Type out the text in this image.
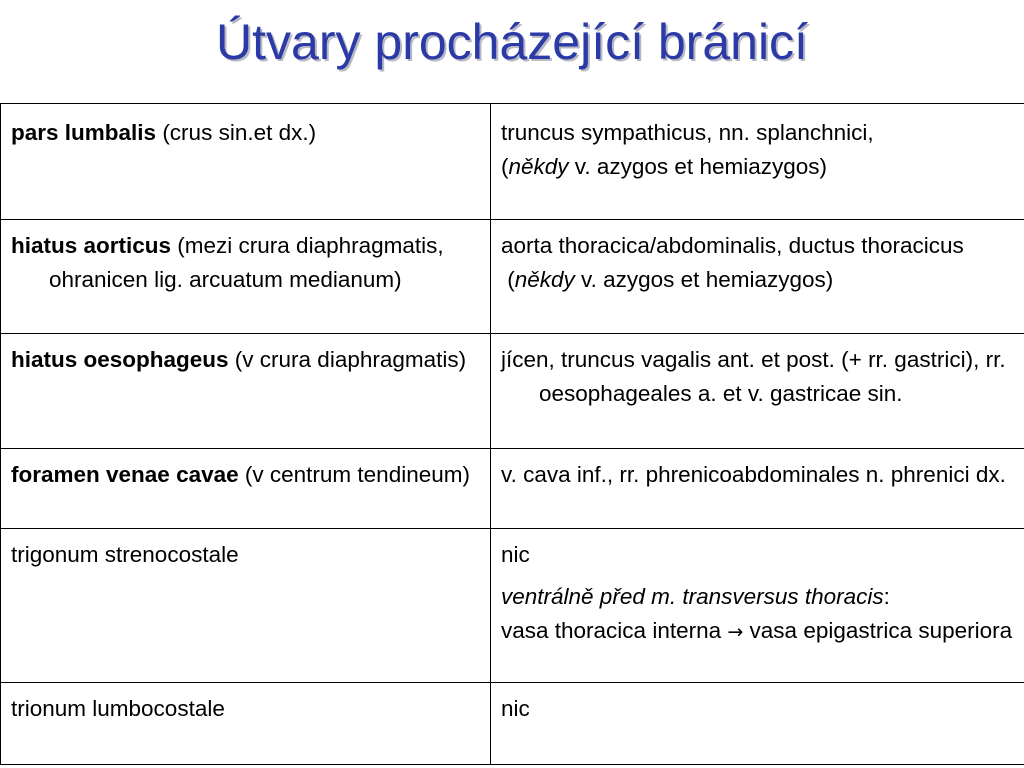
Útvary procházející bránicí
pars lumbalis (crus sin.et dx.)	truncus sympathicus, nn. splanchnici,
(někdy v. azygos et hemiazygos)

hiatus aorticus (mezi crura diaphragmatis, ohranicen lig. arcuatum medianum)	aorta thoracica/abdominalis, ductus thoracicus
(někdy v. azygos et hemiazygos)

hiatus oesophageus (v crura diaphragmatis)	jícen, truncus vagalis ant. et post. (+ rr. gastrici), rr. oesophageales a. et v. gastricae sin.

foramen venae cavae (v centrum tendineum)	v. cava inf., rr. phrenicoabdominales n. phrenici dx.

trigonum strenocostale	nic
ventrálně před m. transversus thoracis:
vasa thoracica interna → vasa epigastrica superiora

trionum lumbocostale	nic
